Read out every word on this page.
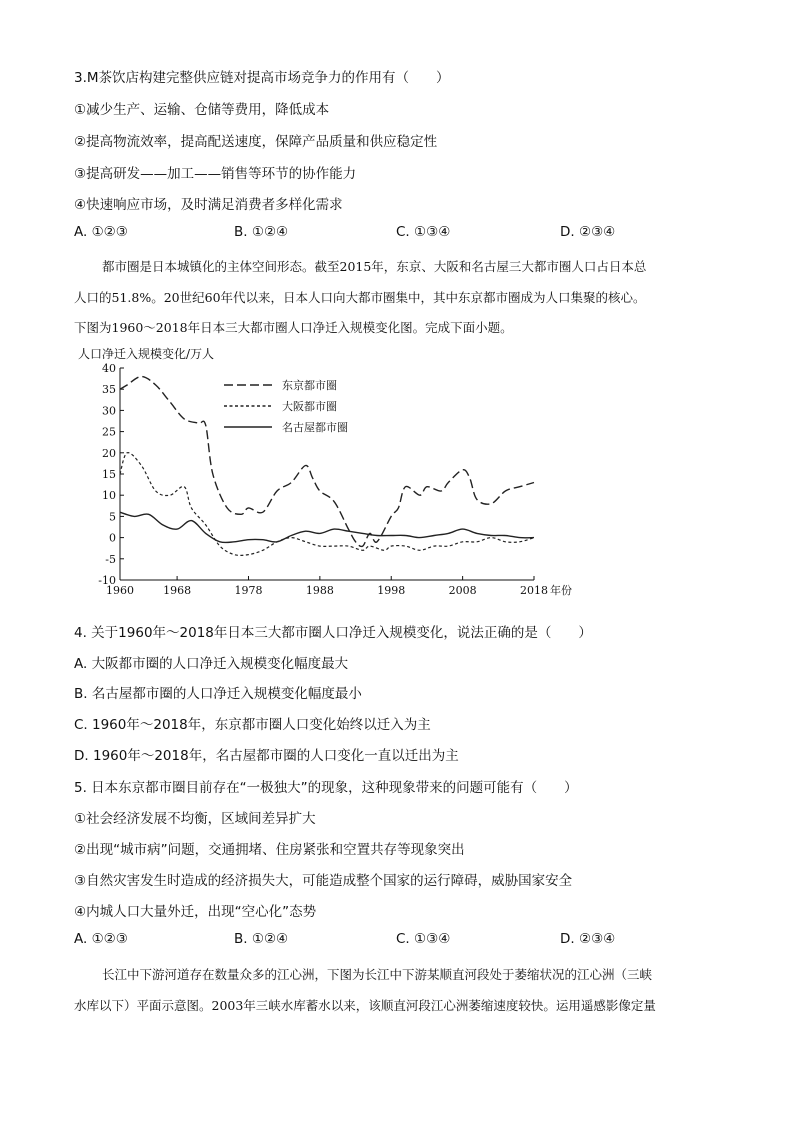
3.M茶饮店构建完整供应链对提高市场竞争力的作用有（　　）
①减少生产、运输、仓储等费用，降低成本
②提高物流效率，提高配送速度，保障产品质量和供应稳定性
③提高研发——加工——销售等环节的协作能力
④快速响应市场，及时满足消费者多样化需求
A. ①②③	B. ①②④	C. ①③④	D. ②③④
都市圈是日本城镇化的主体空间形态。截至2015年，东京、大阪和名古屋三大都市圈人口占日本总
人口的51.8%。20世纪60年代以来，日本人口向大都市圈集中，其中东京都市圈成为人口集聚的核心。
下图为1960～2018年日本三大都市圈人口净迁入规模变化图。完成下面小题。
人口净迁入规模变化/万人
40
35
30
25
20
15
10
5
0
-5
-10
1960	1968	1978	1988	1998	2008	2018 年份
东京都市圈
大阪都市圈
名古屋都市圈
4. 关于1960年～2018年日本三大都市圈人口净迁入规模变化，说法正确的是（　　）
A. 大阪都市圈的人口净迁入规模变化幅度最大
B. 名古屋都市圈的人口净迁入规模变化幅度最小
C. 1960年～2018年，东京都市圈人口变化始终以迁入为主
D. 1960年～2018年，名古屋都市圈的人口变化一直以迁出为主
5. 日本东京都市圈目前存在“一极独大”的现象，这种现象带来的问题可能有（　　）
①社会经济发展不均衡，区域间差异扩大
②出现“城市病”问题，交通拥堵、住房紧张和空置共存等现象突出
③自然灾害发生时造成的经济损失大，可能造成整个国家的运行障碍，威胁国家安全
④内城人口大量外迁，出现“空心化”态势
A. ①②③	B. ①②④	C. ①③④	D. ②③④
长江中下游河道存在数量众多的江心洲，下图为长江中下游某顺直河段处于萎缩状况的江心洲（三峡
水库以下）平面示意图。2003年三峡水库蓄水以来，该顺直河段江心洲萎缩速度较快。运用遥感影像定量
